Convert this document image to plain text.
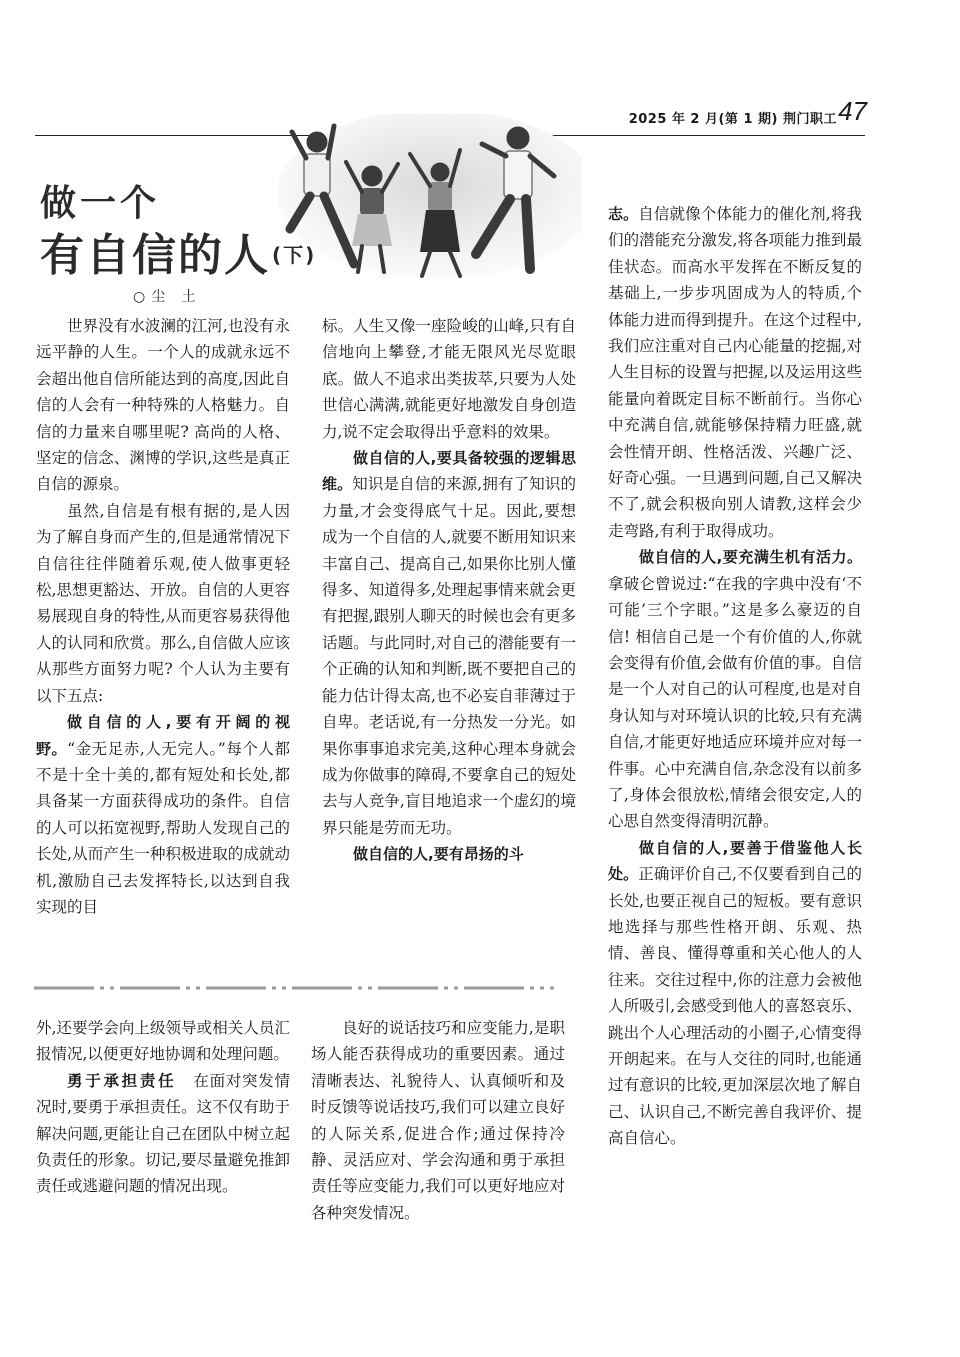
2025 年 2 月(第 1 期) 荆门职工 47
做一个
有自信的人 $^{(下)}$
○尘 土

世界没有水波澜的江河,也没有永远平静的人生。一个人的成就永远不会超出他自信所能达到的高度,因此自信的人会有一种特殊的人格魅力。自信的力量来自哪里呢? 高尚的人格、坚定的信念、渊博的学识,这些是真正自信的源泉。

虽然,自信是有根有据的,是人因为了解自身而产生的,但是通常情况下自信往往伴随着乐观,使人做事更轻松,思想更豁达、开放。自信的人更容易展现自身的特性,从而更容易获得他人的认同和欣赏。那么,自信做人应该从那些方面努力呢? 个人认为主要有以下五点:

做自信的人,要有开阔的视野。“金无足赤,人无完人。”每个人都不是十全十美的,都有短处和长处,都具备某一方面获得成功的条件。自信的人可以拓宽视野,帮助人发现自己的长处,从而产生一种积极进取的成就动机,激励自己去发挥特长,以达到自我实现的目

标。人生又像一座险峻的山峰,只有自信地向上攀登,才能无限风光尽览眼底。做人不追求出类拔萃,只要为人处世信心满满,就能更好地激发自身创造力,说不定会取得出乎意料的效果。

做自信的人,要具备较强的逻辑思维。知识是自信的来源,拥有了知识的力量,才会变得底气十足。因此,要想成为一个自信的人,就要不断用知识来丰富自己、提高自己,如果你比别人懂得多、知道得多,处理起事情来就会更有把握,跟别人聊天的时候也会有更多话题。与此同时,对自己的潜能要有一个正确的认知和判断,既不要把自己的能力估计得太高,也不必妄自菲薄过于自卑。老话说,有一分热发一分光。如果你事事追求完美,这种心理本身就会成为你做事的障碍,不要拿自己的短处去与人竞争,盲目地追求一个虚幻的境界只能是劳而无功。

做自信的人,要有昂扬的斗

志。自信就像个体能力的催化剂,将我们的潜能充分激发,将各项能力推到最佳状态。而高水平发挥在不断反复的基础上,一步步巩固成为人的特质,个体能力进而得到提升。在这个过程中,我们应注重对自己内心能量的挖掘,对人生目标的设置与把握,以及运用这些能量向着既定目标不断前行。当你心中充满自信,就能够保持精力旺盛,就会性情开朗、性格活泼、兴趣广泛、好奇心强。一旦遇到问题,自己又解决不了,就会积极向别人请教,这样会少走弯路,有利于取得成功。

做自信的人,要充满生机有活力。拿破仑曾说过:“在我的字典中没有‘不可能’三个字眼。”这是多么豪迈的自信! 相信自己是一个有价值的人,你就会变得有价值,会做有价值的事。自信是一个人对自己的认可程度,也是对自身认知与对环境认识的比较,只有充满自信,才能更好地适应环境并应对每一件事。心中充满自信,杂念没有以前多了,身体会很放松,情绪会很安定,人的心思自然变得清明沉静。

做自信的人,要善于借鉴他人长处。正确评价自己,不仅要看到自己的长处,也要正视自己的短板。要有意识地选择与那些性格开朗、乐观、热情、善良、懂得尊重和关心他人的人往来。交往过程中,你的注意力会被他人所吸引,会感受到他人的喜怒哀乐、跳出个人心理活动的小圈子,心情变得开朗起来。在与人交往的同时,也能通过有意识的比较,更加深层次地了解自己、认识自己,不断完善自我评价、提高自信心。

外,还要学会向上级领导或相关人员汇报情况,以便更好地协调和处理问题。

勇于承担责任 在面对突发情况时,要勇于承担责任。这不仅有助于解决问题,更能让自己在团队中树立起负责任的形象。切记,要尽量避免推卸责任或逃避问题的情况出现。

良好的说话技巧和应变能力,是职场人能否获得成功的重要因素。通过清晰表达、礼貌待人、认真倾听和及时反馈等说话技巧,我们可以建立良好的人际关系,促进合作;通过保持冷静、灵活应对、学会沟通和勇于承担责任等应变能力,我们可以更好地应对各种突发情况。
